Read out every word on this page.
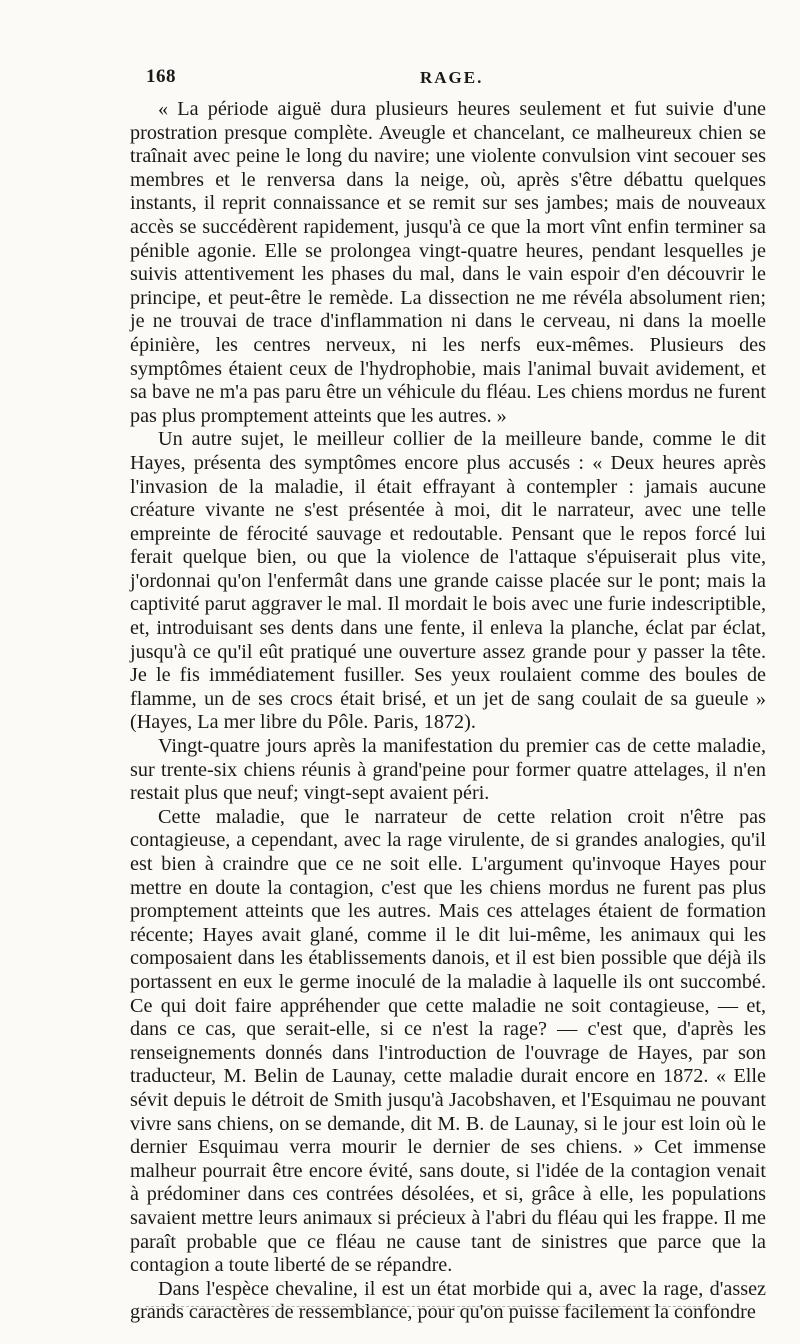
168	RAGE.

« La période aiguë dura plusieurs heures seulement et fut suivie d'une prostration presque complète. Aveugle et chancelant, ce malheureux chien se traînait avec peine le long du navire; une violente convulsion vint secouer ses membres et le renversa dans la neige, où, après s'être débattu quelques instants, il reprit connaissance et se remit sur ses jambes; mais de nouveaux accès se succédèrent rapidement, jusqu'à ce que la mort vînt enfin terminer sa pénible agonie. Elle se prolongea vingt-quatre heures, pendant lesquelles je suivis attentivement les phases du mal, dans le vain espoir d'en découvrir le principe, et peut-être le remède. La dissection ne me révéla absolument rien; je ne trouvai de trace d'inflammation ni dans le cerveau, ni dans la moelle épinière, les centres nerveux, ni les nerfs eux-mêmes. Plusieurs des symptômes étaient ceux de l'hydrophobie, mais l'animal buvait avidement, et sa bave ne m'a pas paru être un véhicule du fléau. Les chiens mordus ne furent pas plus promptement atteints que les autres. »

Un autre sujet, le meilleur collier de la meilleure bande, comme le dit Hayes, présenta des symptômes encore plus accusés : « Deux heures après l'invasion de la maladie, il était effrayant à contempler : jamais aucune créature vivante ne s'est présentée à moi, dit le narrateur, avec une telle empreinte de férocité sauvage et redoutable. Pensant que le repos forcé lui ferait quelque bien, ou que la violence de l'attaque s'épuiserait plus vite, j'ordonnai qu'on l'enfermât dans une grande caisse placée sur le pont; mais la captivité parut aggraver le mal. Il mordait le bois avec une furie indescriptible, et, introduisant ses dents dans une fente, il enleva la planche, éclat par éclat, jusqu'à ce qu'il eût pratiqué une ouverture assez grande pour y passer la tête. Je le fis immédiatement fusiller. Ses yeux roulaient comme des boules de flamme, un de ses crocs était brisé, et un jet de sang coulait de sa gueule » (Hayes, La mer libre du Pôle. Paris, 1872).

Vingt-quatre jours après la manifestation du premier cas de cette maladie, sur trente-six chiens réunis à grand'peine pour former quatre attelages, il n'en restait plus que neuf; vingt-sept avaient péri.

Cette maladie, que le narrateur de cette relation croit n'être pas contagieuse, a cependant, avec la rage virulente, de si grandes analogies, qu'il est bien à craindre que ce ne soit elle. L'argument qu'invoque Hayes pour mettre en doute la contagion, c'est que les chiens mordus ne furent pas plus promptement atteints que les autres. Mais ces attelages étaient de formation récente; Hayes avait glané, comme il le dit lui-même, les animaux qui les composaient dans les établissements danois, et il est bien possible que déjà ils portassent en eux le germe inoculé de la maladie à laquelle ils ont succombé. Ce qui doit faire appréhender que cette maladie ne soit contagieuse, — et, dans ce cas, que serait-elle, si ce n'est la rage? — c'est que, d'après les renseignements donnés dans l'introduction de l'ouvrage de Hayes, par son traducteur, M. Belin de Launay, cette maladie durait encore en 1872. « Elle sévit depuis le détroit de Smith jusqu'à Jacobshaven, et l'Esquimau ne pouvant vivre sans chiens, on se demande, dit M. B. de Launay, si le jour est loin où le dernier Esquimau verra mourir le dernier de ses chiens. » Cet immense malheur pourrait être encore évité, sans doute, si l'idée de la contagion venait à prédominer dans ces contrées désolées, et si, grâce à elle, les populations savaient mettre leurs animaux si précieux à l'abri du fléau qui les frappe. Il me paraît probable que ce fléau ne cause tant de sinistres que parce que la contagion a toute liberté de se répandre.

Dans l'espèce chevaline, il est un état morbide qui a, avec la rage, d'assez grands caractères de ressemblance, pour qu'on puisse facilement la confondre
